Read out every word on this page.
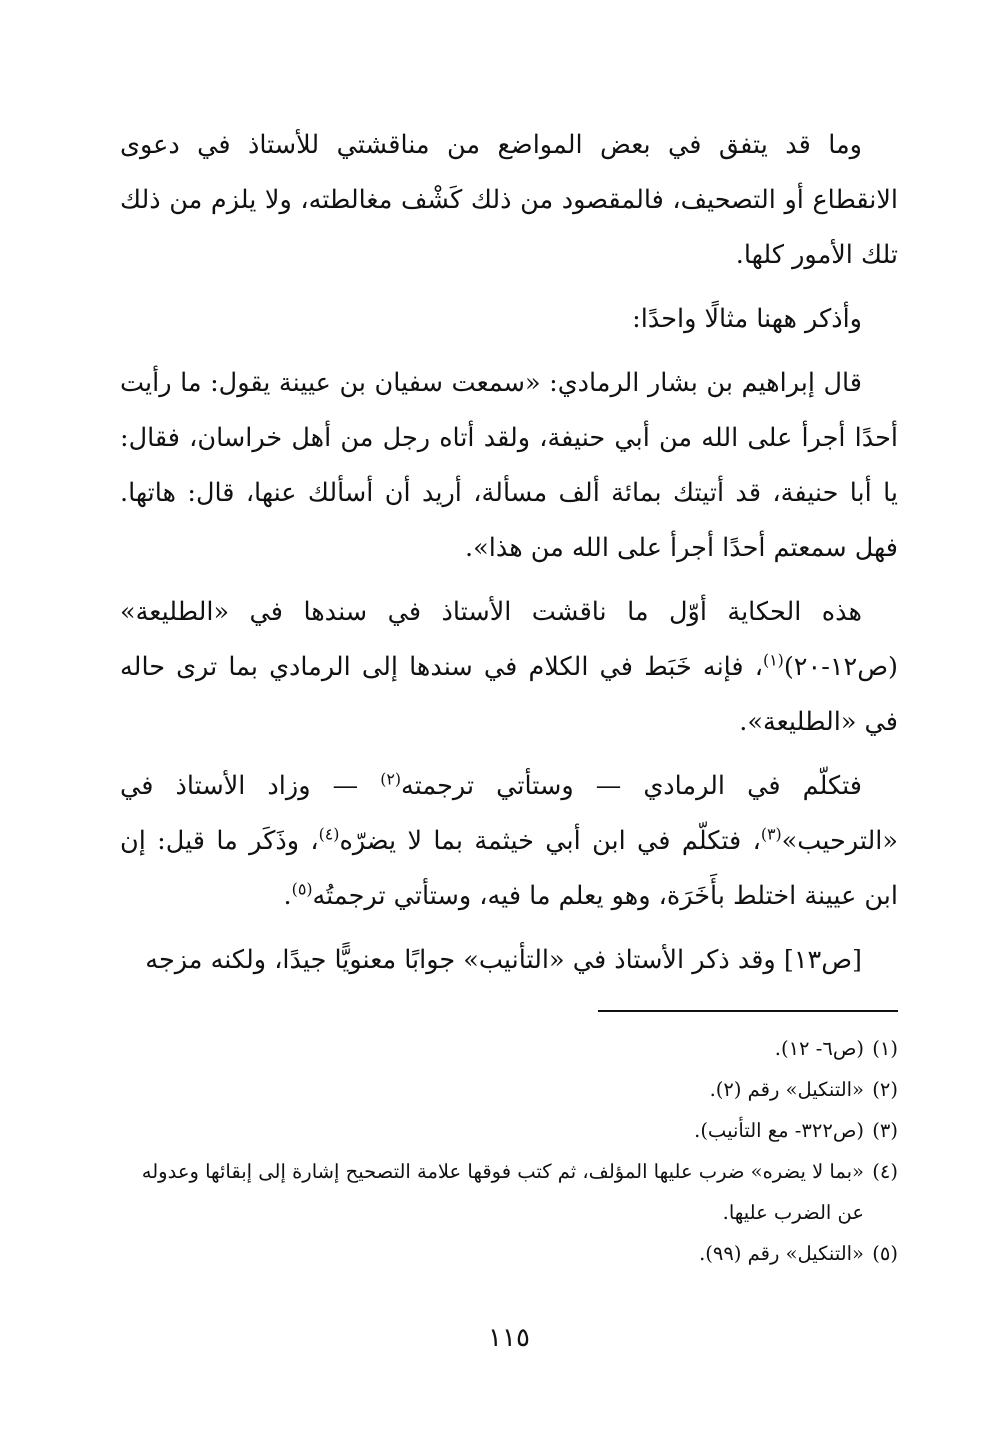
وما قد يتفق في بعض المواضع من مناقشتي للأستاذ في دعوى الانقطاع أو التصحيف، فالمقصود من ذلك كَشْف مغالطته، ولا يلزم من ذلك تلك الأمور كلها.

وأذكر ههنا مثالًا واحدًا:

قال إبراهيم بن بشار الرمادي: «سمعت سفيان بن عيينة يقول: ما رأيت أحدًا أجرأ على الله من أبي حنيفة، ولقد أتاه رجل من أهل خراسان، فقال: يا أبا حنيفة، قد أتيتك بمائة ألف مسألة، أريد أن أسألك عنها، قال: هاتها. فهل سمعتم أحدًا أجرأ على الله من هذا».

هذه الحكاية أوّل ما ناقشت الأستاذ في سندها في «الطليعة» (ص١٢-٢٠)$^{(١)}$، فإنه خَبَط في الكلام في سندها إلى الرمادي بما ترى حاله في «الطليعة».

فتكلّم في الرمادي — وستأتي ترجمته$^{(٢)}$ — وزاد الأستاذ في «الترحيب»$^{(٣)}$، فتكلّم في ابن أبي خيثمة بما لا يضرّه$^{(٤)}$، وذَكَر ما قيل: إن ابن عيينة اختلط بأَخَرَة، وهو يعلم ما فيه، وستأتي ترجمتُه$^{(٥)}$.

[ص١٣] وقد ذكر الأستاذ في «التأنيب» جوابًا معنويًّا جيدًا، ولكنه مزجه

(١)
(ص٦- ١٢).
(٢)
«التنكيل» رقم (٢).
(٣)
(ص٣٢٢- مع التأنيب).
(٤)
«بما لا يضره» ضرب عليها المؤلف، ثم كتب فوقها علامة التصحيح إشارة إلى إبقائها وعدوله عن الضرب عليها.
(٥)
«التنكيل» رقم (٩٩).
١١٥
